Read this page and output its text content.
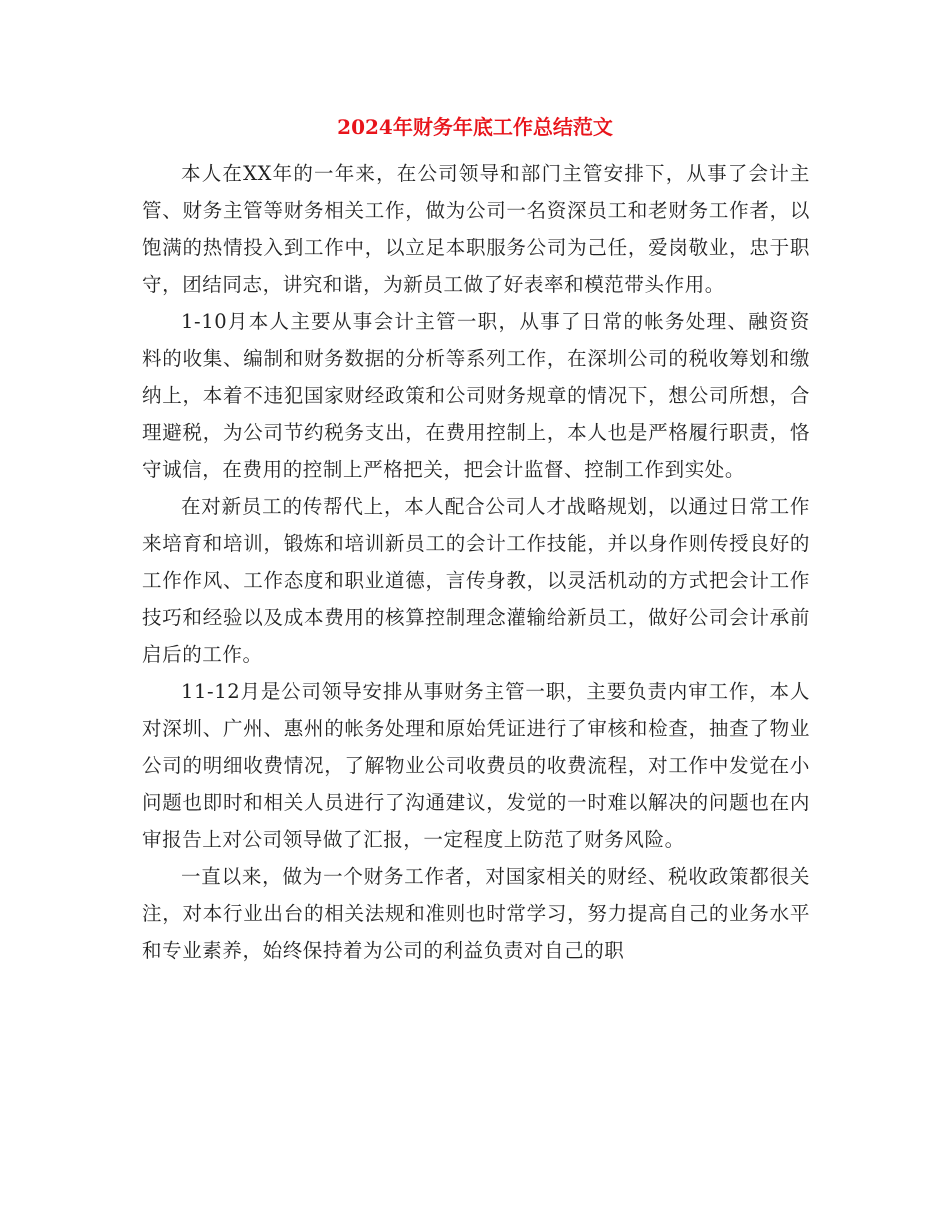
2024年财务年底工作总结范文

本人在XX年的一年来，在公司领导和部门主管安排下，从事了会计主管、财务主管等财务相关工作，做为公司一名资深员工和老财务工作者，以饱满的热情投入到工作中，以立足本职服务公司为己任，爱岗敬业，忠于职守，团结同志，讲究和谐，为新员工做了好表率和模范带头作用。

1-10月本人主要从事会计主管一职，从事了日常的帐务处理、融资资料的收集、编制和财务数据的分析等系列工作，在深圳公司的税收筹划和缴纳上，本着不违犯国家财经政策和公司财务规章的情况下，想公司所想，合理避税，为公司节约税务支出，在费用控制上，本人也是严格履行职责，恪守诚信，在费用的控制上严格把关，把会计监督、控制工作到实处。

在对新员工的传帮代上，本人配合公司人才战略规划，以通过日常工作来培育和培训，锻炼和培训新员工的会计工作技能，并以身作则传授良好的工作作风、工作态度和职业道德，言传身教，以灵活机动的方式把会计工作技巧和经验以及成本费用的核算控制理念灌输给新员工，做好公司会计承前启后的工作。

11-12月是公司领导安排从事财务主管一职，主要负责内审工作，本人对深圳、广州、惠州的帐务处理和原始凭证进行了审核和检查，抽查了物业公司的明细收费情况，了解物业公司收费员的收费流程，对工作中发觉在小问题也即时和相关人员进行了沟通建议，发觉的一时难以解决的问题也在内审报告上对公司领导做了汇报，一定程度上防范了财务风险。

一直以来，做为一个财务工作者，对国家相关的财经、税收政策都很关注，对本行业出台的相关法规和准则也时常学习，努力提高自己的业务水平和专业素养，始终保持着为公司的利益负责对自己的职
